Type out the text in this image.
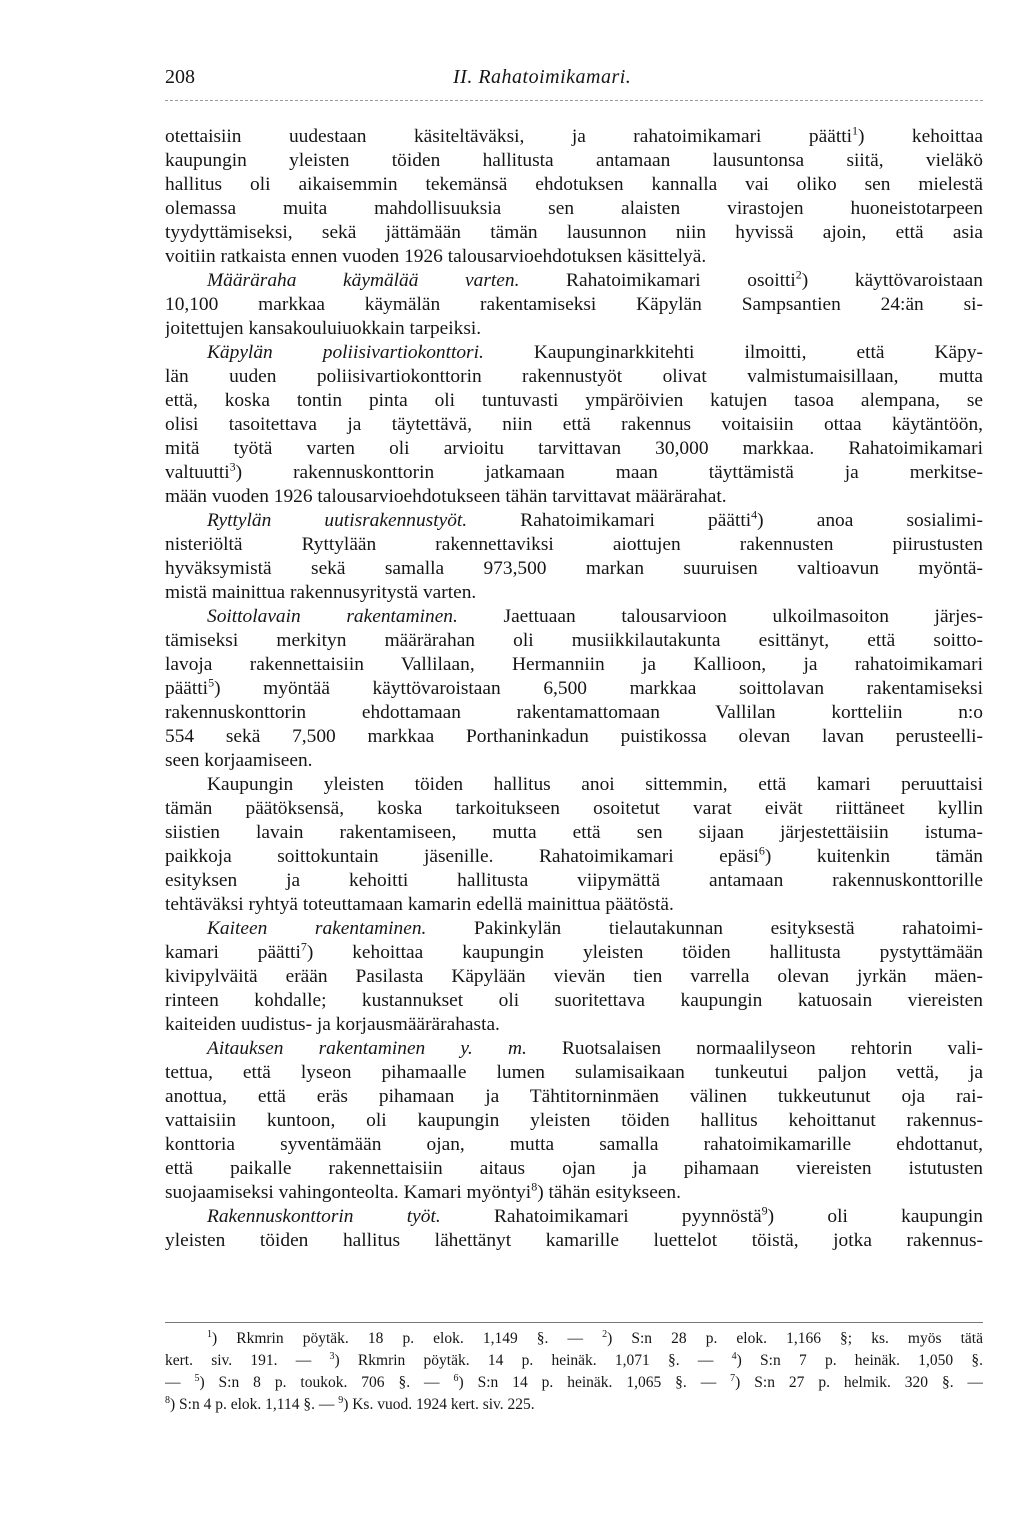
208	II. Rahatoimikamari.
otettaisiin uudestaan käsiteltäväksi, ja rahatoimikamari päätti$^1$) kehoittaa
kaupungin yleisten töiden hallitusta antamaan lausuntonsa siitä, vieläkö
hallitus oli aikaisemmin tekemänsä ehdotuksen kannalla vai oliko sen mielestä
olemassa muita mahdollisuuksia sen alaisten virastojen huoneistotarpeen
tyydyttämiseksi, sekä jättämään tämän lausunnon niin hyvissä ajoin, että asia
voitiin ratkaista ennen vuoden 1926 talousarvioehdotuksen käsittelyä.
Määräraha käymälää varten. Rahatoimikamari osoitti$^2$) käyttövaroistaan
10,100 markkaa käymälän rakentamiseksi Käpylän Sampsantien 24:än si-
joitettujen kansakouluiuokkain tarpeiksi.
Käpylän poliisivartiokonttori. Kaupunginarkkitehti ilmoitti, että Käpy-
län uuden poliisivartiokonttorin rakennustyöt olivat valmistumaisillaan, mutta
että, koska tontin pinta oli tuntuvasti ympäröivien katujen tasoa alempana, se
olisi tasoitettava ja täytettävä, niin että rakennus voitaisiin ottaa käytäntöön,
mitä työtä varten oli arvioitu tarvittavan 30,000 markkaa. Rahatoimikamari
valtuutti$^3$) rakennuskonttorin jatkamaan maan täyttämistä ja merkitse-
mään vuoden 1926 talousarvioehdotukseen tähän tarvittavat määrärahat.
Ryttylän uutisrakennustyöt. Rahatoimikamari päätti$^4$) anoa sosialimi-
nisteriöltä Ryttylään rakennettaviksi aiottujen rakennusten piirustusten
hyväksymistä sekä samalla 973,500 markan suuruisen valtioavun myöntä-
mistä mainittua rakennusyritystä varten.
Soittolavain rakentaminen. Jaettuaan talousarvioon ulkoilmasoiton järjes-
tämiseksi merkityn määrärahan oli musiikkilautakunta esittänyt, että soitto-
lavoja rakennettaisiin Vallilaan, Hermanniin ja Kallioon, ja rahatoimikamari
päätti$^5$) myöntää käyttövaroistaan 6,500 markkaa soittolavan rakentamiseksi
rakennuskonttorin ehdottamaan rakentamattomaan Vallilan kortteliin n:o
554 sekä 7,500 markkaa Porthaninkadun puistikossa olevan lavan perusteelli-
seen korjaamiseen.
Kaupungin yleisten töiden hallitus anoi sittemmin, että kamari peruuttaisi
tämän päätöksensä, koska tarkoitukseen osoitetut varat eivät riittäneet kyllin
siistien lavain rakentamiseen, mutta että sen sijaan järjestettäisiin istuma-
paikkoja soittokuntain jäsenille. Rahatoimikamari epäsi$^6$) kuitenkin tämän
esityksen ja kehoitti hallitusta viipymättä antamaan rakennuskonttorille
tehtäväksi ryhtyä toteuttamaan kamarin edellä mainittua päätöstä.
Kaiteen rakentaminen. Pakinkylän tielautakunnan esityksestä rahatoimi-
kamari päätti$^7$) kehoittaa kaupungin yleisten töiden hallitusta pystyttämään
kivipylväitä erään Pasilasta Käpylään vievän tien varrella olevan jyrkän mäen-
rinteen kohdalle; kustannukset oli suoritettava kaupungin katuosain viereisten
kaiteiden uudistus- ja korjausmäärärahasta.
Aitauksen rakentaminen y. m. Ruotsalaisen normaalilyseon rehtorin vali-
tettua, että lyseon pihamaalle lumen sulamisaikaan tunkeutui paljon vettä, ja
anottua, että eräs pihamaan ja Tähtitorninmäen välinen tukkeutunut oja rai-
vattaisiin kuntoon, oli kaupungin yleisten töiden hallitus kehoittanut rakennus-
konttoria syventämään ojan, mutta samalla rahatoimikamarille ehdottanut,
että paikalle rakennettaisiin aitaus ojan ja pihamaan viereisten istutusten
suojaamiseksi vahingonteolta. Kamari myöntyi$^8$) tähän esitykseen.
Rakennuskonttorin työt. Rahatoimikamari pyynnöstä$^9$) oli kaupungin
yleisten töiden hallitus lähettänyt kamarille luettelot töistä, jotka rakennus-
$^1$) Rkmrin pöytäk. 18 p. elok. 1,149 §. — $^2$) S:n 28 p. elok. 1,166 §; ks. myös tätä
kert. siv. 191. — $^3$) Rkmrin pöytäk. 14 p. heinäk. 1,071 §. — $^4$) S:n 7 p. heinäk. 1,050 §.
— $^5$) S:n 8 p. toukok. 706 §. — $^6$) S:n 14 p. heinäk. 1,065 §. — $^7$) S:n 27 p. helmik. 320 §. —
$^8$) S:n 4 p. elok. 1,114 §. — $^9$) Ks. vuod. 1924 kert. siv. 225.
